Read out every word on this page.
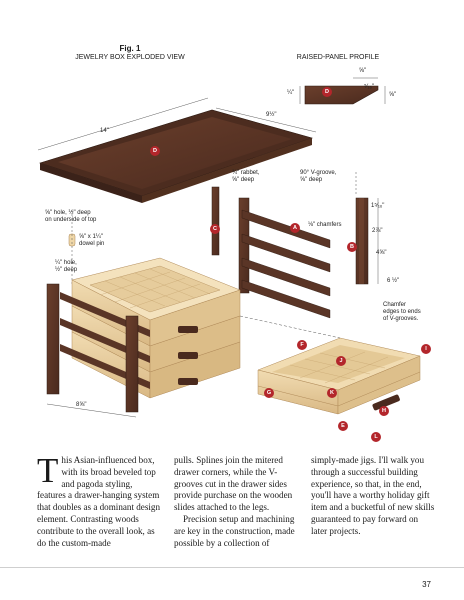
Fig. 1
JEWELRY BOX EXPLODED VIEW	RAISED-PANEL PROFILE
⅝"
¼"
⁵⁄₁₆"
⅝"
14"
9½"
¾" rabbet,
⅝" deep
90° V-groove,
⅝" deep
⅝" hole, ½" deep
on underside of top
⅝" x 1¼"
dowel pin
¼" hole,
½" deep
⅛" chamfers
1⁵⁄₁₆"
2⅞"
4⅝"
6 ½"
Chamfer
edges to ends
of V-grooves.
8⅝"
D
D
C	A
B
F
J
I
G	K
H
E
L

This Asian-influenced box, with its broad beveled top and pagoda styling, features a drawer-hanging system that doubles as a dominant design element. Contrasting woods contribute to the overall look, as do the custom-made

pulls. Splines join the mitered drawer corners, while the V-grooves cut in the drawer sides provide purchase on the wooden slides attached to the legs.

Precision setup and machining are key in the construction, made possible by a collection of

simply-made jigs. I'll walk you through a successful building experience, so that, in the end, you'll have a worthy holiday gift item and a bucketful of new skills guaranteed to pay forward on later projects.

37
